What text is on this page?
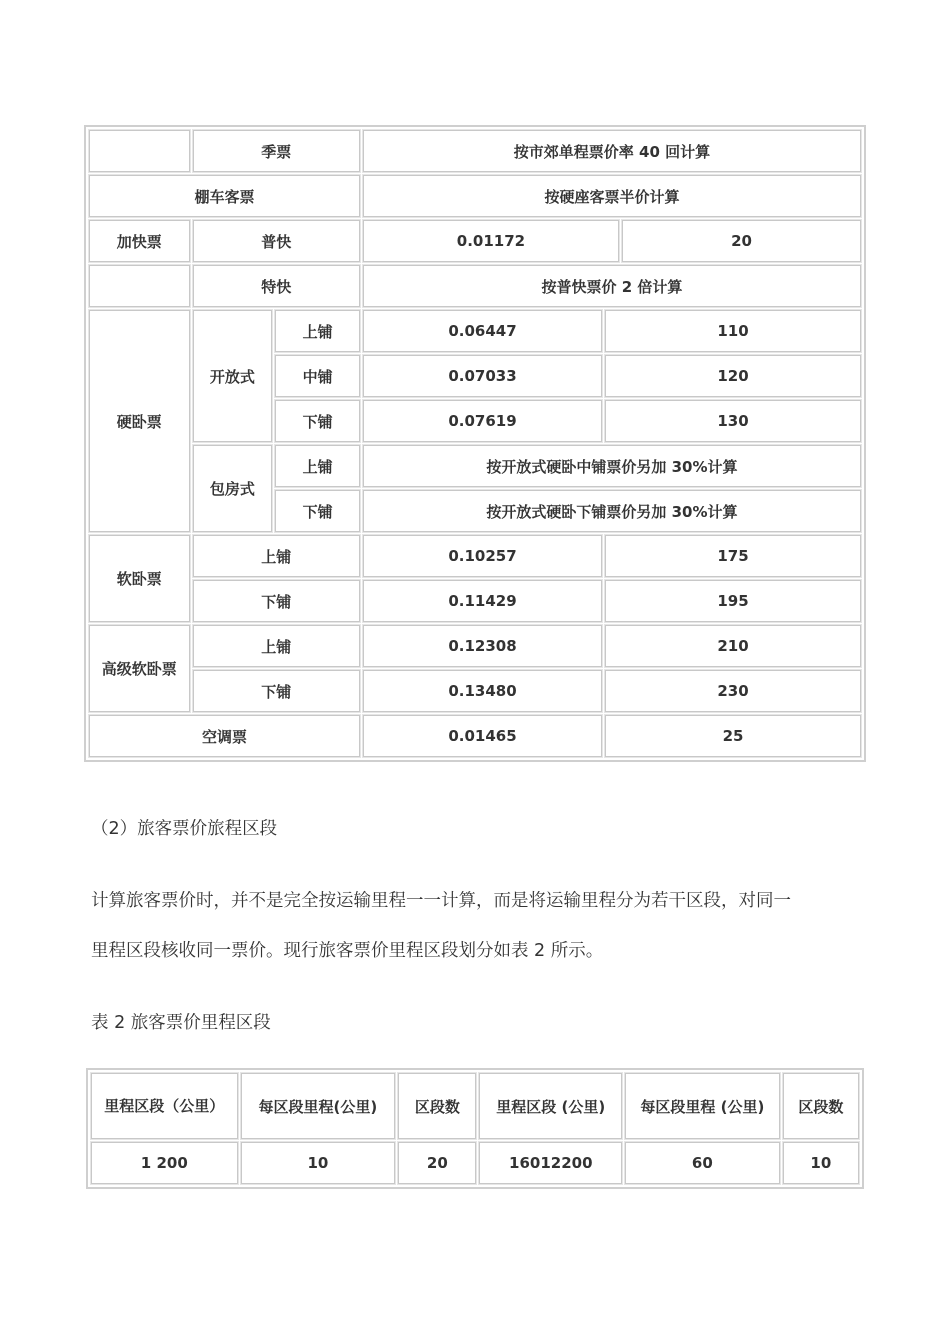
	季票		按市郊单程票价率 40 回计算		
棚车客票			按硬座客票半价计算		
加快票	普快		0.01172		20
	特快		按普快票价 2 倍计算		
硬卧票	开放式	上铺	0.06447	110	
		中铺	0.07033	120	
		下铺	0.07619	130	
	包房式	上铺	按开放式硬卧中铺票价另加 30%计算		
		下铺	按开放式硬卧下铺票价另加 30%计算		
软卧票	上铺		0.10257	175	
	下铺		0.11429	195	
高级软卧票	上铺		0.12308	210	
	下铺		0.13480	230	
空调票			0.01465	25	
（2）旅客票价旅程区段
计算旅客票价时，并不是完全按运输里程一一计算，而是将运输里程分为若干区段，对同一
里程区段核收同一票价。现行旅客票价里程区段划分如表 2 所示。
表 2 旅客票价里程区段
里程区段（公里）	每区段里程(公里)	区段数	里程区段 (公里)	每区段里程 (公里)	区段数
1 200	10	20	16012200	60	10
